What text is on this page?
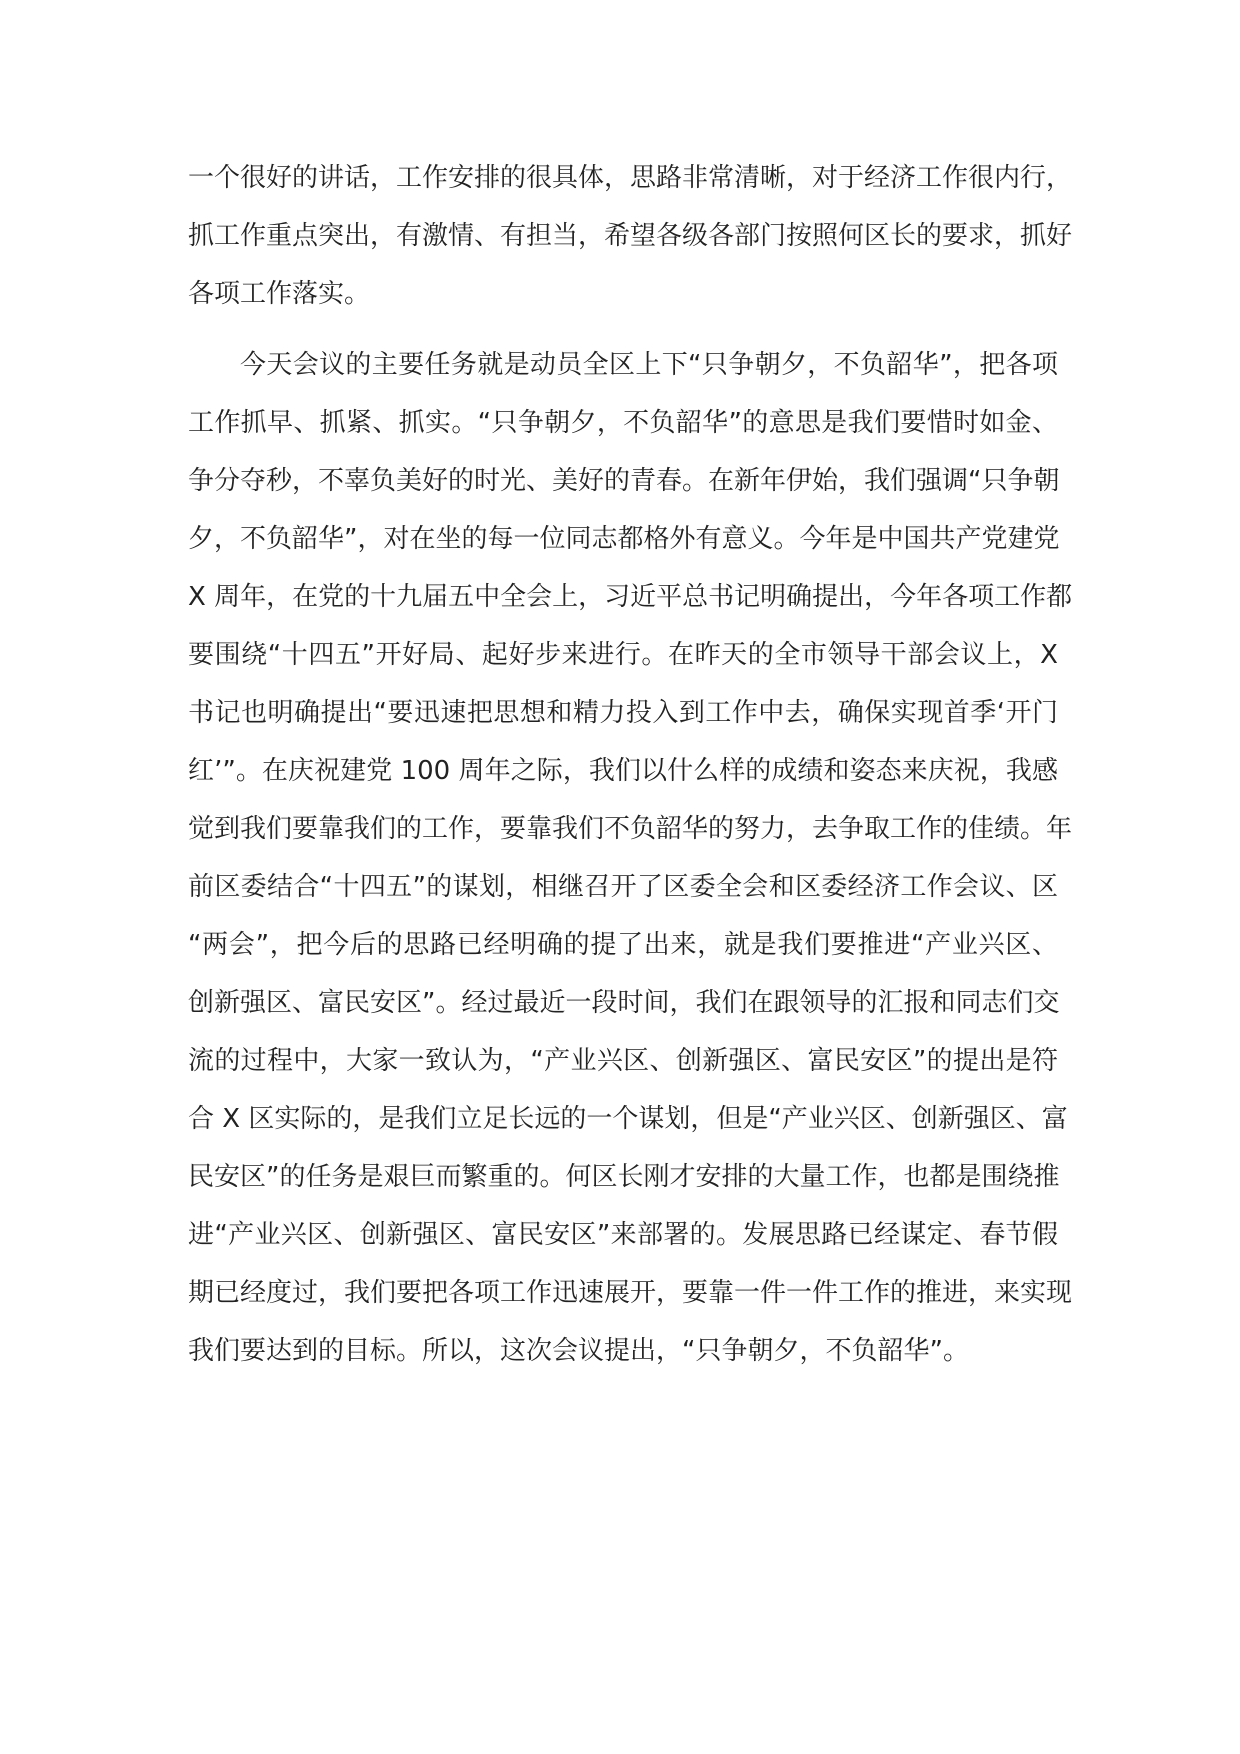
一个很好的讲话，工作安排的很具体，思路非常清晰，对于经济工作很内行，
抓工作重点突出，有激情、有担当，希望各级各部门按照何区长的要求，抓好
各项工作落实。
今天会议的主要任务就是动员全区上下“只争朝夕，不负韶华”，把各项
工作抓早、抓紧、抓实。“只争朝夕，不负韶华”的意思是我们要惜时如金、
争分夺秒，不辜负美好的时光、美好的青春。在新年伊始，我们强调“只争朝
夕，不负韶华”，对在坐的每一位同志都格外有意义。今年是中国共产党建党
X 周年，在党的十九届五中全会上，习近平总书记明确提出，今年各项工作都
要围绕“十四五”开好局、起好步来进行。在昨天的全市领导干部会议上，X
书记也明确提出“要迅速把思想和精力投入到工作中去，确保实现首季‘开门
红’”。在庆祝建党 100 周年之际，我们以什么样的成绩和姿态来庆祝，我感
觉到我们要靠我们的工作，要靠我们不负韶华的努力，去争取工作的佳绩。年
前区委结合“十四五”的谋划，相继召开了区委全会和区委经济工作会议、区
“两会”，把今后的思路已经明确的提了出来，就是我们要推进“产业兴区、
创新强区、富民安区”。经过最近一段时间，我们在跟领导的汇报和同志们交
流的过程中，大家一致认为，“产业兴区、创新强区、富民安区”的提出是符
合 X 区实际的，是我们立足长远的一个谋划，但是“产业兴区、创新强区、富
民安区”的任务是艰巨而繁重的。何区长刚才安排的大量工作，也都是围绕推
进“产业兴区、创新强区、富民安区”来部署的。发展思路已经谋定、春节假
期已经度过，我们要把各项工作迅速展开，要靠一件一件工作的推进，来实现
我们要达到的目标。所以，这次会议提出，“只争朝夕，不负韶华”。
